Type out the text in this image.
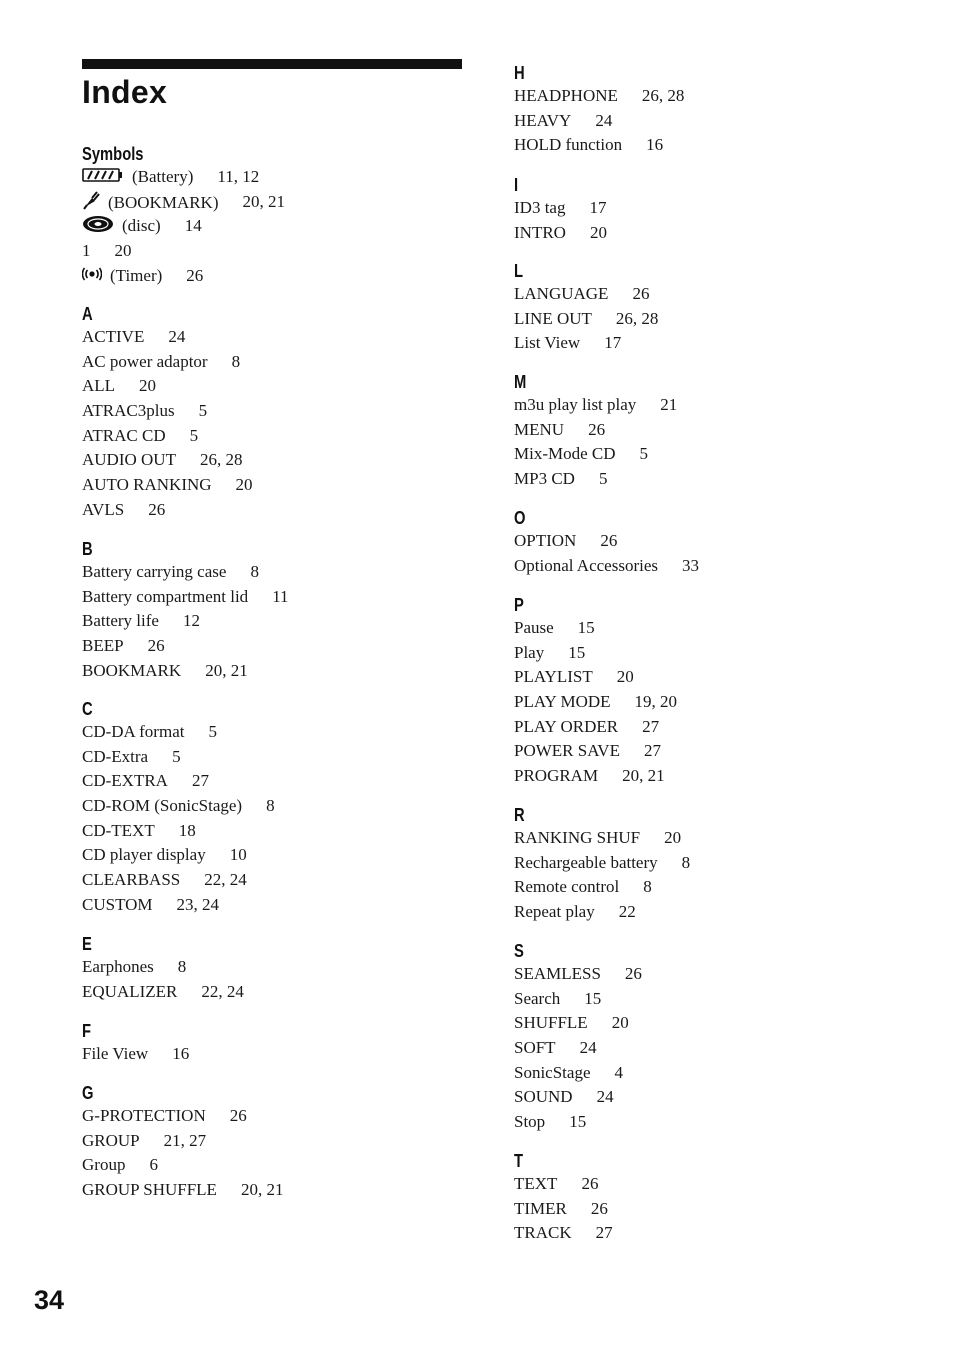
Index
Symbols
(Battery) 11, 12
(BOOKMARK) 20, 21
(disc) 14
1 20
(Timer) 26
A
ACTIVE 24
AC power adaptor 8
ALL 20
ATRAC3plus 5
ATRAC CD 5
AUDIO OUT 26, 28
AUTO RANKING 20
AVLS 26
B
Battery carrying case 8
Battery compartment lid 11
Battery life 12
BEEP 26
BOOKMARK 20, 21
C
CD-DA format 5
CD-Extra 5
CD-EXTRA 27
CD-ROM (SonicStage) 8
CD-TEXT 18
CD player display 10
CLEARBASS 22, 24
CUSTOM 23, 24
E
Earphones 8
EQUALIZER 22, 24
F
File View 16
G
G-PROTECTION 26
GROUP 21, 27
Group 6
GROUP SHUFFLE 20, 21
H
HEADPHONE 26, 28
HEAVY 24
HOLD function 16
I
ID3 tag 17
INTRO 20
L
LANGUAGE 26
LINE OUT 26, 28
List View 17
M
m3u play list play 21
MENU 26
Mix-Mode CD 5
MP3 CD 5
O
OPTION 26
Optional Accessories 33
P
Pause 15
Play 15
PLAYLIST 20
PLAY MODE 19, 20
PLAY ORDER 27
POWER SAVE 27
PROGRAM 20, 21
R
RANKING SHUF 20
Rechargeable battery 8
Remote control 8
Repeat play 22
S
SEAMLESS 26
Search 15
SHUFFLE 20
SOFT 24
SonicStage 4
SOUND 24
Stop 15
T
TEXT 26
TIMER 26
TRACK 27
34
